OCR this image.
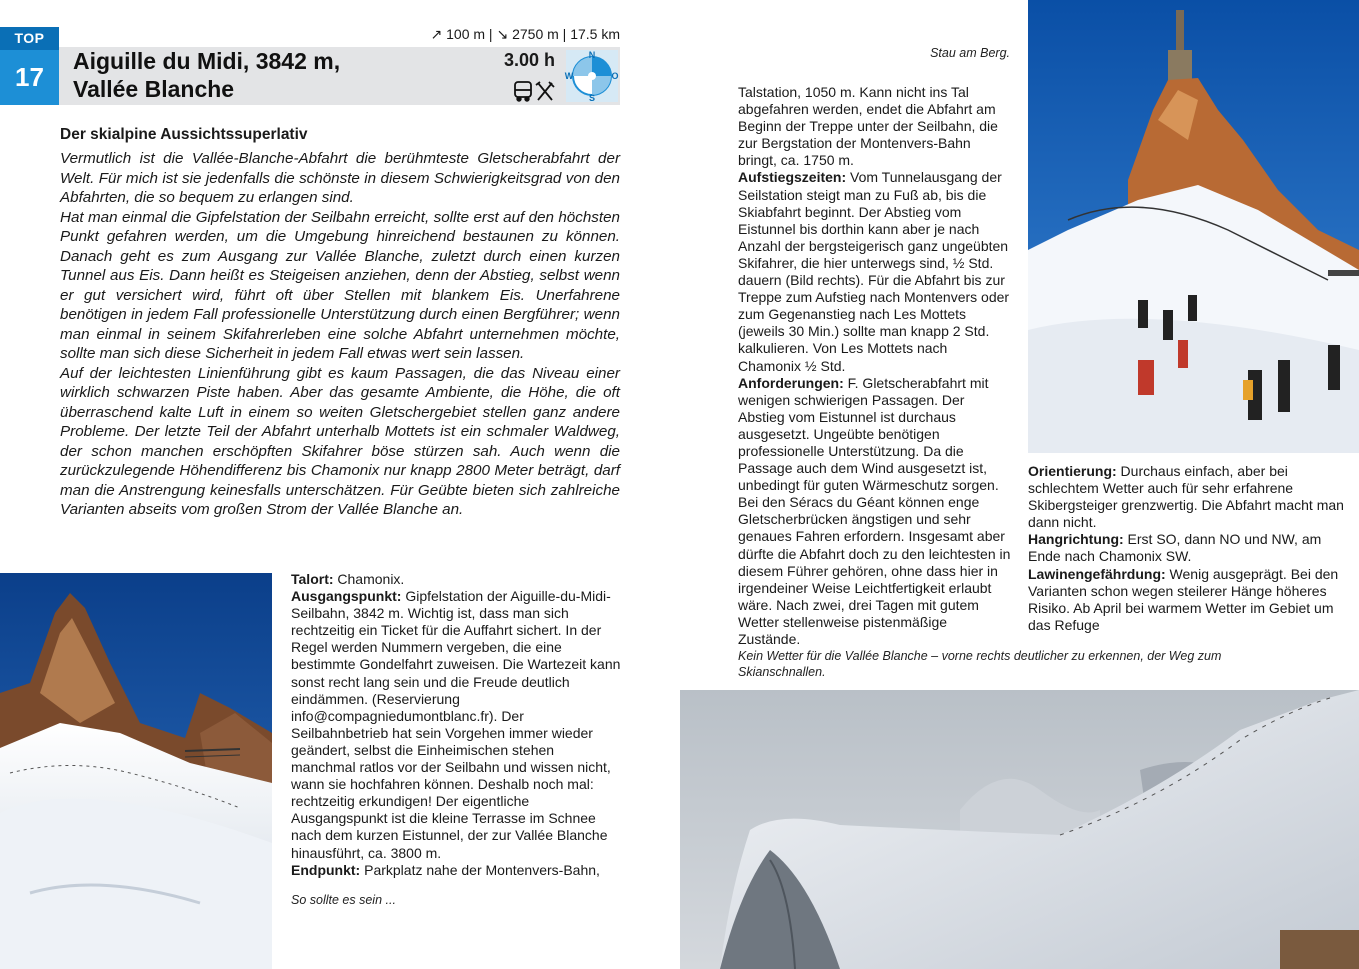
TOP
17
↗ 100 m | ↘ 2750 m | 17.5 km
Aiguille du Midi, 3842 m,
Vallée Blanche
3.00 h	N
S
W	O
Der skialpine Aussichtssuperlativ

Vermutlich ist die Vallée-Blanche-Abfahrt die berühmteste Gletscherabfahrt der Welt. Für mich ist sie jedenfalls die schönste in diesem Schwierigkeitsgrad von den Abfahrten, die so bequem zu erlangen sind.

Hat man einmal die Gipfelstation der Seilbahn erreicht, sollte erst auf den höchsten Punkt gefahren werden, um die Umgebung hinreichend bestaunen zu können. Danach geht es zum Ausgang zur Vallée Blanche, zuletzt durch einen kurzen Tunnel aus Eis. Dann heißt es Steigeisen anziehen, denn der Abstieg, selbst wenn er gut versichert wird, führt oft über Stellen mit blankem Eis. Unerfahrene benötigen in jedem Fall professionelle Unterstützung durch einen Bergführer; wenn man einmal in seinem Skifahrerleben eine solche Abfahrt unternehmen möchte, sollte man sich diese Sicherheit in jedem Fall etwas wert sein lassen.

Auf der leichtesten Linienführung gibt es kaum Passagen, die das Niveau einer wirklich schwarzen Piste haben. Aber das gesamte Ambiente, die Höhe, die oft überraschend kalte Luft in einem so weiten Gletschergebiet stellen ganz andere Probleme. Der letzte Teil der Abfahrt unterhalb Mottets ist ein schmaler Waldweg, der schon manchen erschöpften Skifahrer böse stürzen sah. Auch wenn die zurückzulegende Höhendifferenz bis Chamonix nur knapp 2800 Meter beträgt, darf man die Anstrengung keinesfalls unterschätzen. Für Geübte bieten sich zahlreiche Varianten abseits vom großen Strom der Vallée Blanche an.

Talort: Chamonix.

Ausgangspunkt: Gipfelstation der Aiguille-du-Midi-Seilbahn, 3842 m. Wichtig ist, dass man sich rechtzeitig ein Ticket für die Auffahrt sichert. In der Regel werden Nummern vergeben, die eine bestimmte Gondelfahrt zuweisen. Die Wartezeit kann sonst recht lang sein und die Freude deutlich eindämmen. (Reservierung info@compagniedumontblanc.fr). Der Seilbahnbetrieb hat sein Vorgehen immer wieder geändert, selbst die Einheimischen stehen manchmal ratlos vor der Seilbahn und wissen nicht, wann sie hochfahren können. Deshalb noch mal: rechtzeitig erkundigen! Der eigentliche Ausgangspunkt ist die kleine Terrasse im Schnee nach dem kurzen Eistunnel, der zur Vallée Blanche hinausführt, ca. 3800 m.

Endpunkt: Parkplatz nahe der Montenvers-Bahn,

So sollte es sein ...
Stau am Berg.

Talstation, 1050 m. Kann nicht ins Tal abgefahren werden, endet die Abfahrt am Beginn der Treppe unter der Seilbahn, die zur Bergstation der Montenvers-Bahn bringt, ca. 1750 m.

Aufstiegszeiten: Vom Tunnelausgang der Seilstation steigt man zu Fuß ab, bis die Skiabfahrt beginnt. Der Abstieg vom Eistunnel bis dorthin kann aber je nach Anzahl der bergsteigerisch ganz ungeübten Skifahrer, die hier unterwegs sind, ½ Std. dauern (Bild rechts). Für die Abfahrt bis zur Treppe zum Aufstieg nach Montenvers oder zum Gegenanstieg nach Les Mottets (jeweils 30 Min.) sollte man knapp 2 Std. kalkulieren. Von Les Mottets nach Chamonix ½ Std.

Anforderungen: F. Gletscherabfahrt mit wenigen schwierigen Passagen. Der Abstieg vom Eistunnel ist durchaus ausgesetzt. Ungeübte benötigen professionelle Unterstützung. Da die Passage auch dem Wind ausgesetzt ist, unbedingt für guten Wärmeschutz sorgen. Bei den Séracs du Géant können enge Gletscherbrücken ängstigen und sehr genaues Fahren erfordern. Insgesamt aber dürfte die Abfahrt doch zu den leichtesten in diesem Führer gehören, ohne dass hier in irgendeiner Weise Leichtfertigkeit erlaubt wäre. Nach zwei, drei Tagen mit gutem Wetter stellenweise pistenmäßige Zustände.

Orientierung: Durchaus einfach, aber bei schlechtem Wetter auch für sehr erfahrene Skibergsteiger grenzwertig. Die Abfahrt macht man dann nicht.

Hangrichtung: Erst SO, dann NO und NW, am Ende nach Chamonix SW.

Lawinengefährdung: Wenig ausgeprägt. Bei den Varianten schon wegen steilerer Hänge höheres Risiko. Ab April bei warmem Wetter im Gebiet um das Refuge

Kein Wetter für die Vallée Blanche – vorne rechts deutlicher zu erkennen, der Weg zum Skianschnallen.
